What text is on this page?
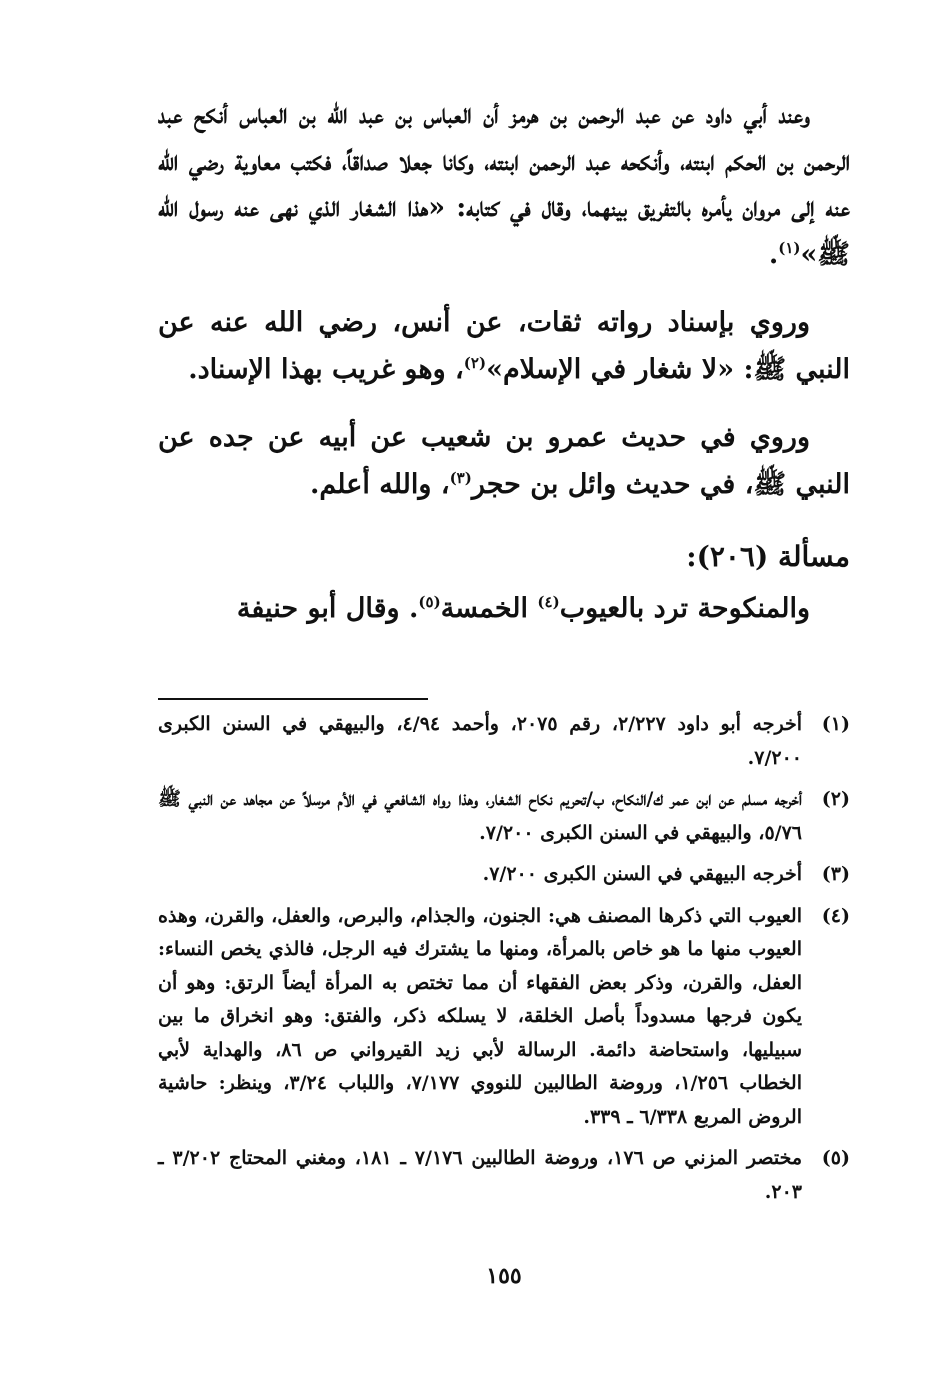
وعند أبي داود عن عبد الرحمن بن هرمز أن العباس بن عبد الله بن العباس أنكح عبد الرحمن بن الحكم ابنته، وأنكحه عبد الرحمن ابنته، وكانا جعلا صداقاً، فكتب معاوية رضي الله عنه إلى مروان يأمره بالتفريق بينهما، وقال في كتابه: «هذا الشغار الذي نهى عنه رسول الله ﷺ»$^{(١)}$.

وروي بإسناد رواته ثقات، عن أنس، رضي الله عنه عن النبي ﷺ: «لا شغار في الإسلام»$^{(٢)}$، وهو غريب بهذا الإسناد.

وروي في حديث عمرو بن شعيب عن أبيه عن جده عن النبي ﷺ، في حديث وائل بن حجر$^{(٣)}$، والله أعلم.

مسألة (٢٠٦):

والمنكوحة ترد بالعيوب$^{(٤)}$ الخمسة$^{(٥)}$. وقال أبو حنيفة

(١)
أخرجه أبو داود ٢/٢٢٧، رقم ٢٠٧٥، وأحمد ٤/٩٤، والبيهقي في السنن الكبرى ٧/٢٠٠.
(٢)
أخرجه مسلم عن ابن عمر ك/النكاح، ب/تحريم نكاح الشغار، وهذا رواه الشافعي في الأم مرسلاً عن مجاهد عن النبي ﷺ ٥/٧٦، والبيهقي في السنن الكبرى ٧/٢٠٠.
(٣)
أخرجه البيهقي في السنن الكبرى ٧/٢٠٠.
(٤)
العيوب التي ذكرها المصنف هي: الجنون، والجذام، والبرص، والعفل، والقرن، وهذه العيوب منها ما هو خاص بالمرأة، ومنها ما يشترك فيه الرجل، فالذي يخص النساء: العفل، والقرن، وذكر بعض الفقهاء أن مما تختص به المرأة أيضاً الرتق: وهو أن يكون فرجها مسدوداً بأصل الخلقة، لا يسلكه ذكر، والفتق: وهو انخراق ما بين سبيليها، واستحاضة دائمة. الرسالة لأبي زيد القيرواني ص ٨٦، والهداية لأبي الخطاب ١/٢٥٦، وروضة الطالبين للنووي ٧/١٧٧، واللباب ٣/٢٤، وينظر: حاشية الروض المربع ٦/٣٣٨ ـ ٣٣٩.
(٥)
مختصر المزني ص ١٧٦، وروضة الطالبين ٧/١٧٦ ـ ١٨١، ومغني المحتاج ٣/٢٠٢ ـ ٢٠٣.
١٥٥
